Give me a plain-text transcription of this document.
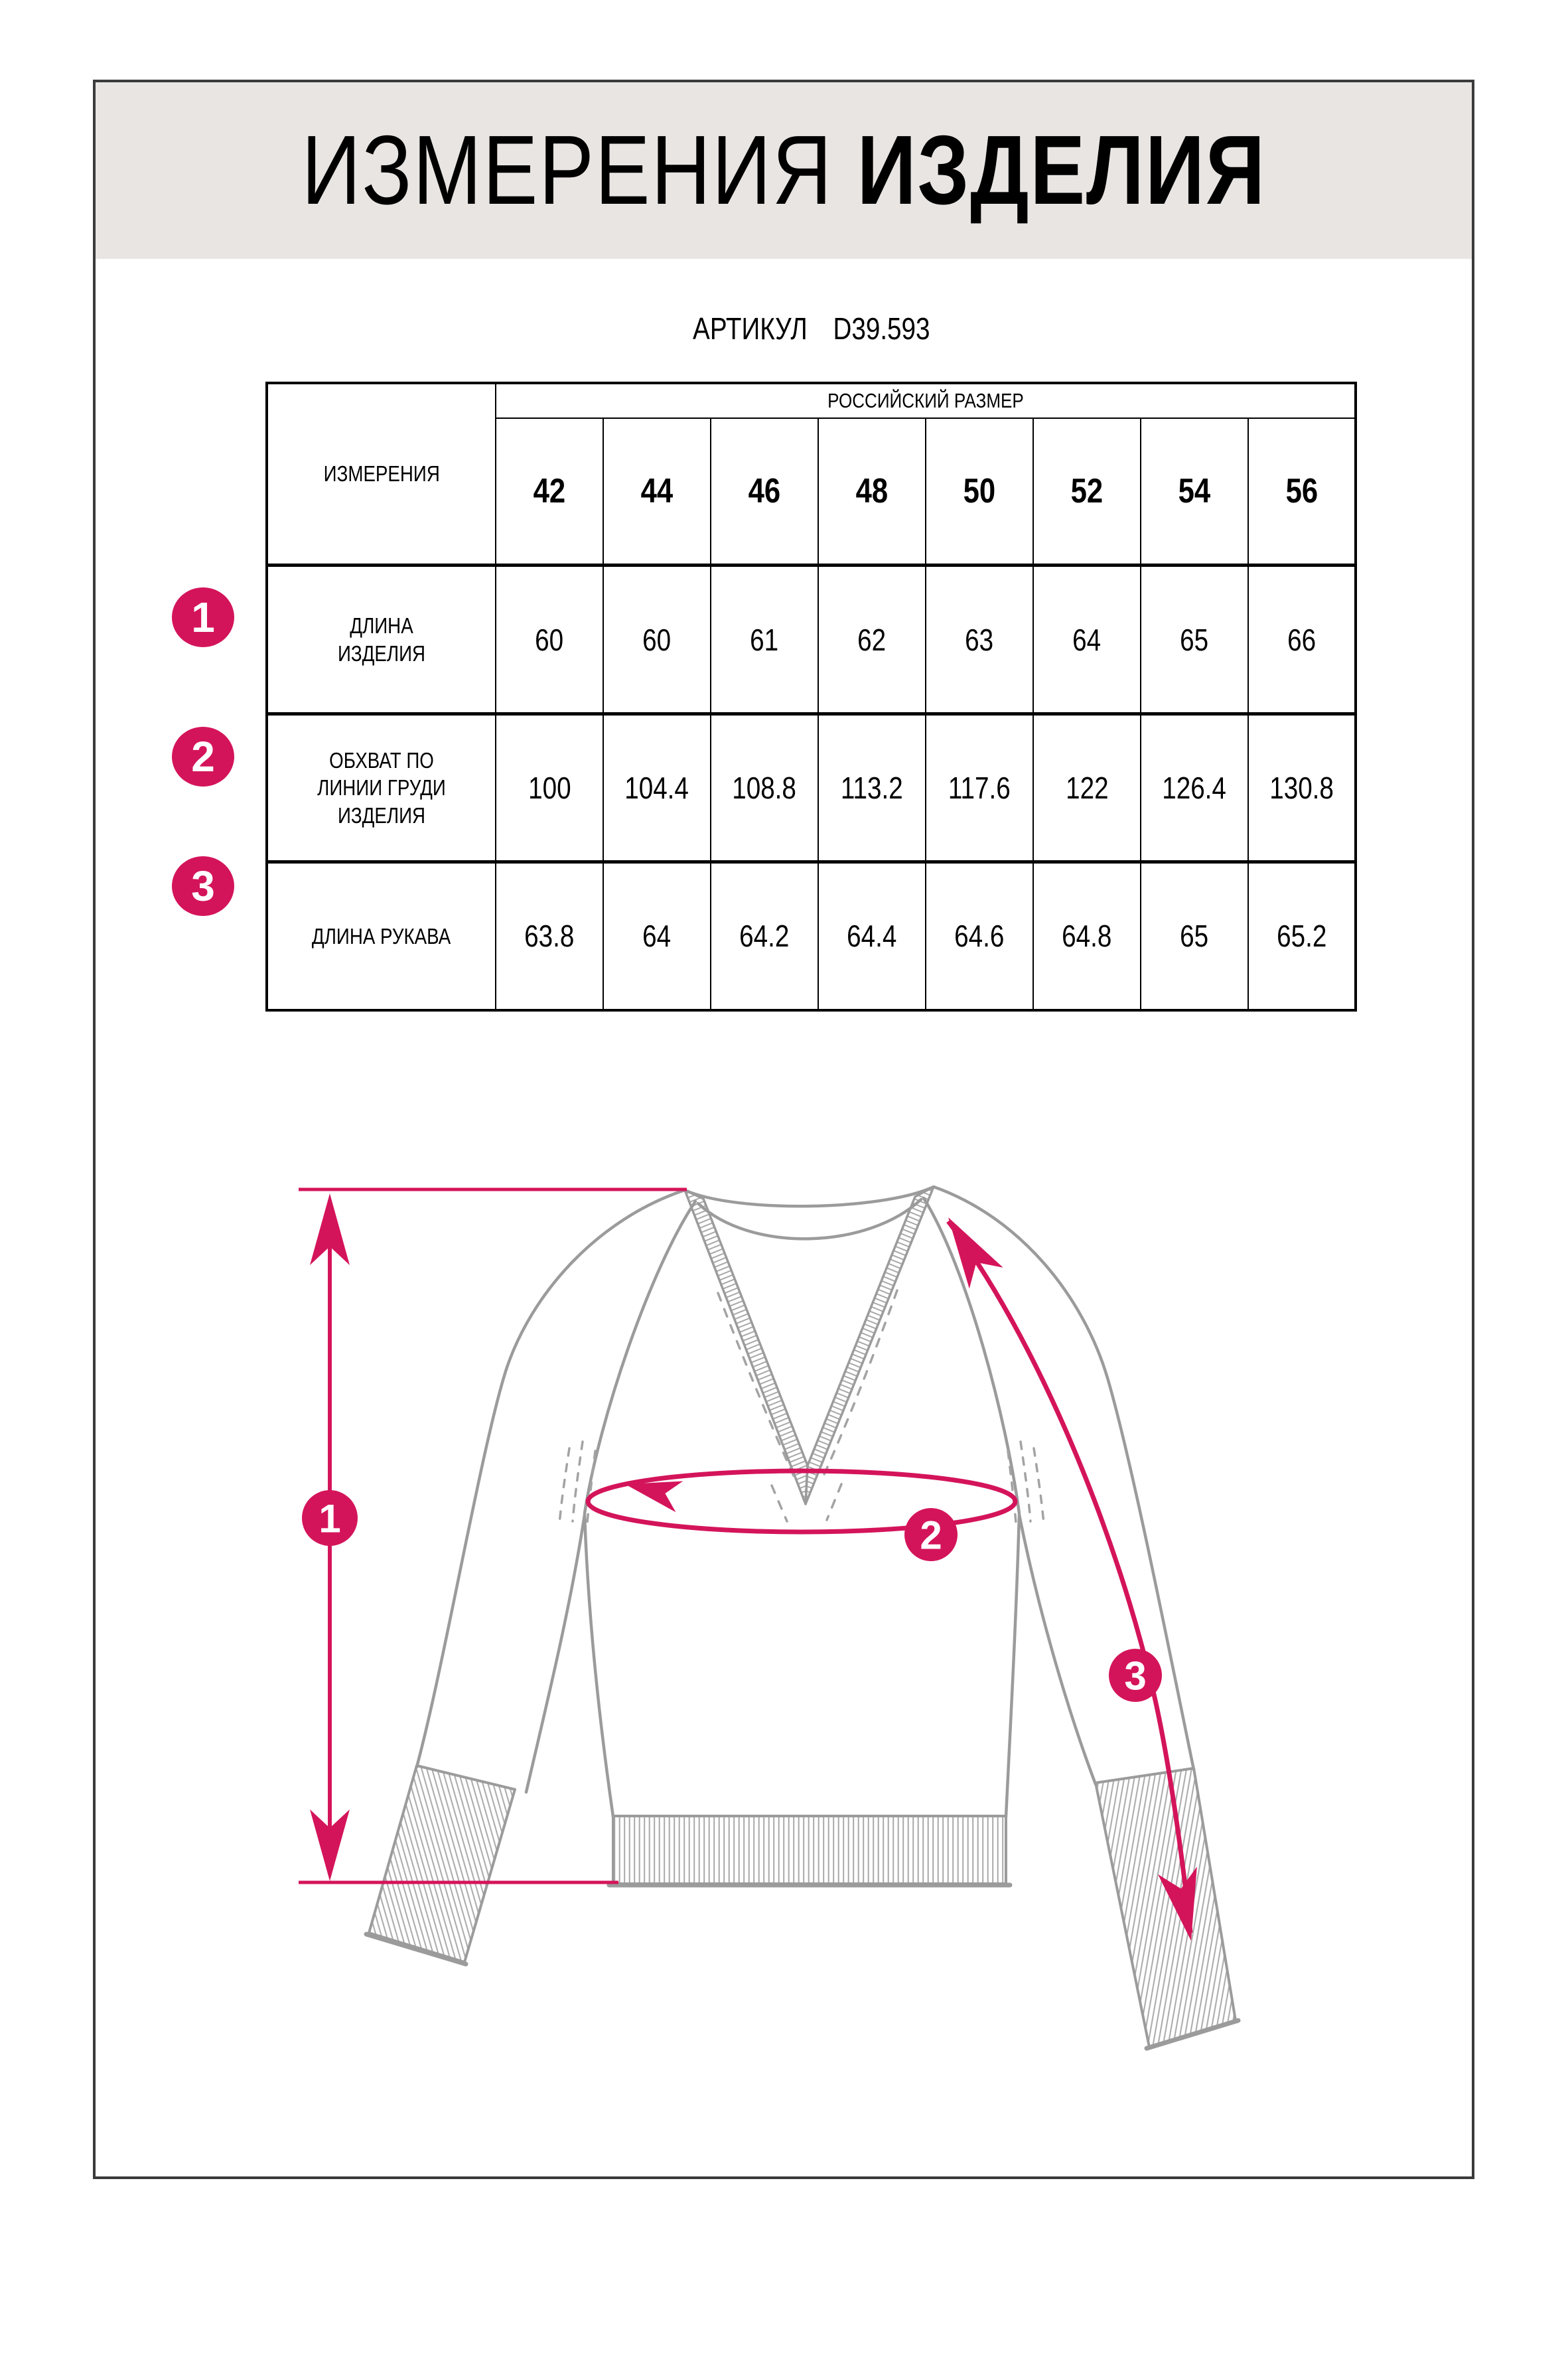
ИЗМЕРЕНИЯ ИЗДЕЛИЯ
АРТИКУЛ D39.593
ИЗМЕРЕНИЯ	РОССИЙСКИЙ РАЗМЕР							
	42	44	46	48	50	52	54	56
ДЛИНА ИЗДЕЛИЯ	60	60	61	62	63	64	65	66
ОБХВАТ ПО ЛИНИИ ГРУДИ ИЗДЕЛИЯ	100	104.4	108.8	113.2	117.6	122	126.4	130.8
ДЛИНА РУКАВА	63.8	64	64.2	64.4	64.6	64.8	65	65.2
1
2
3
1	2
3
